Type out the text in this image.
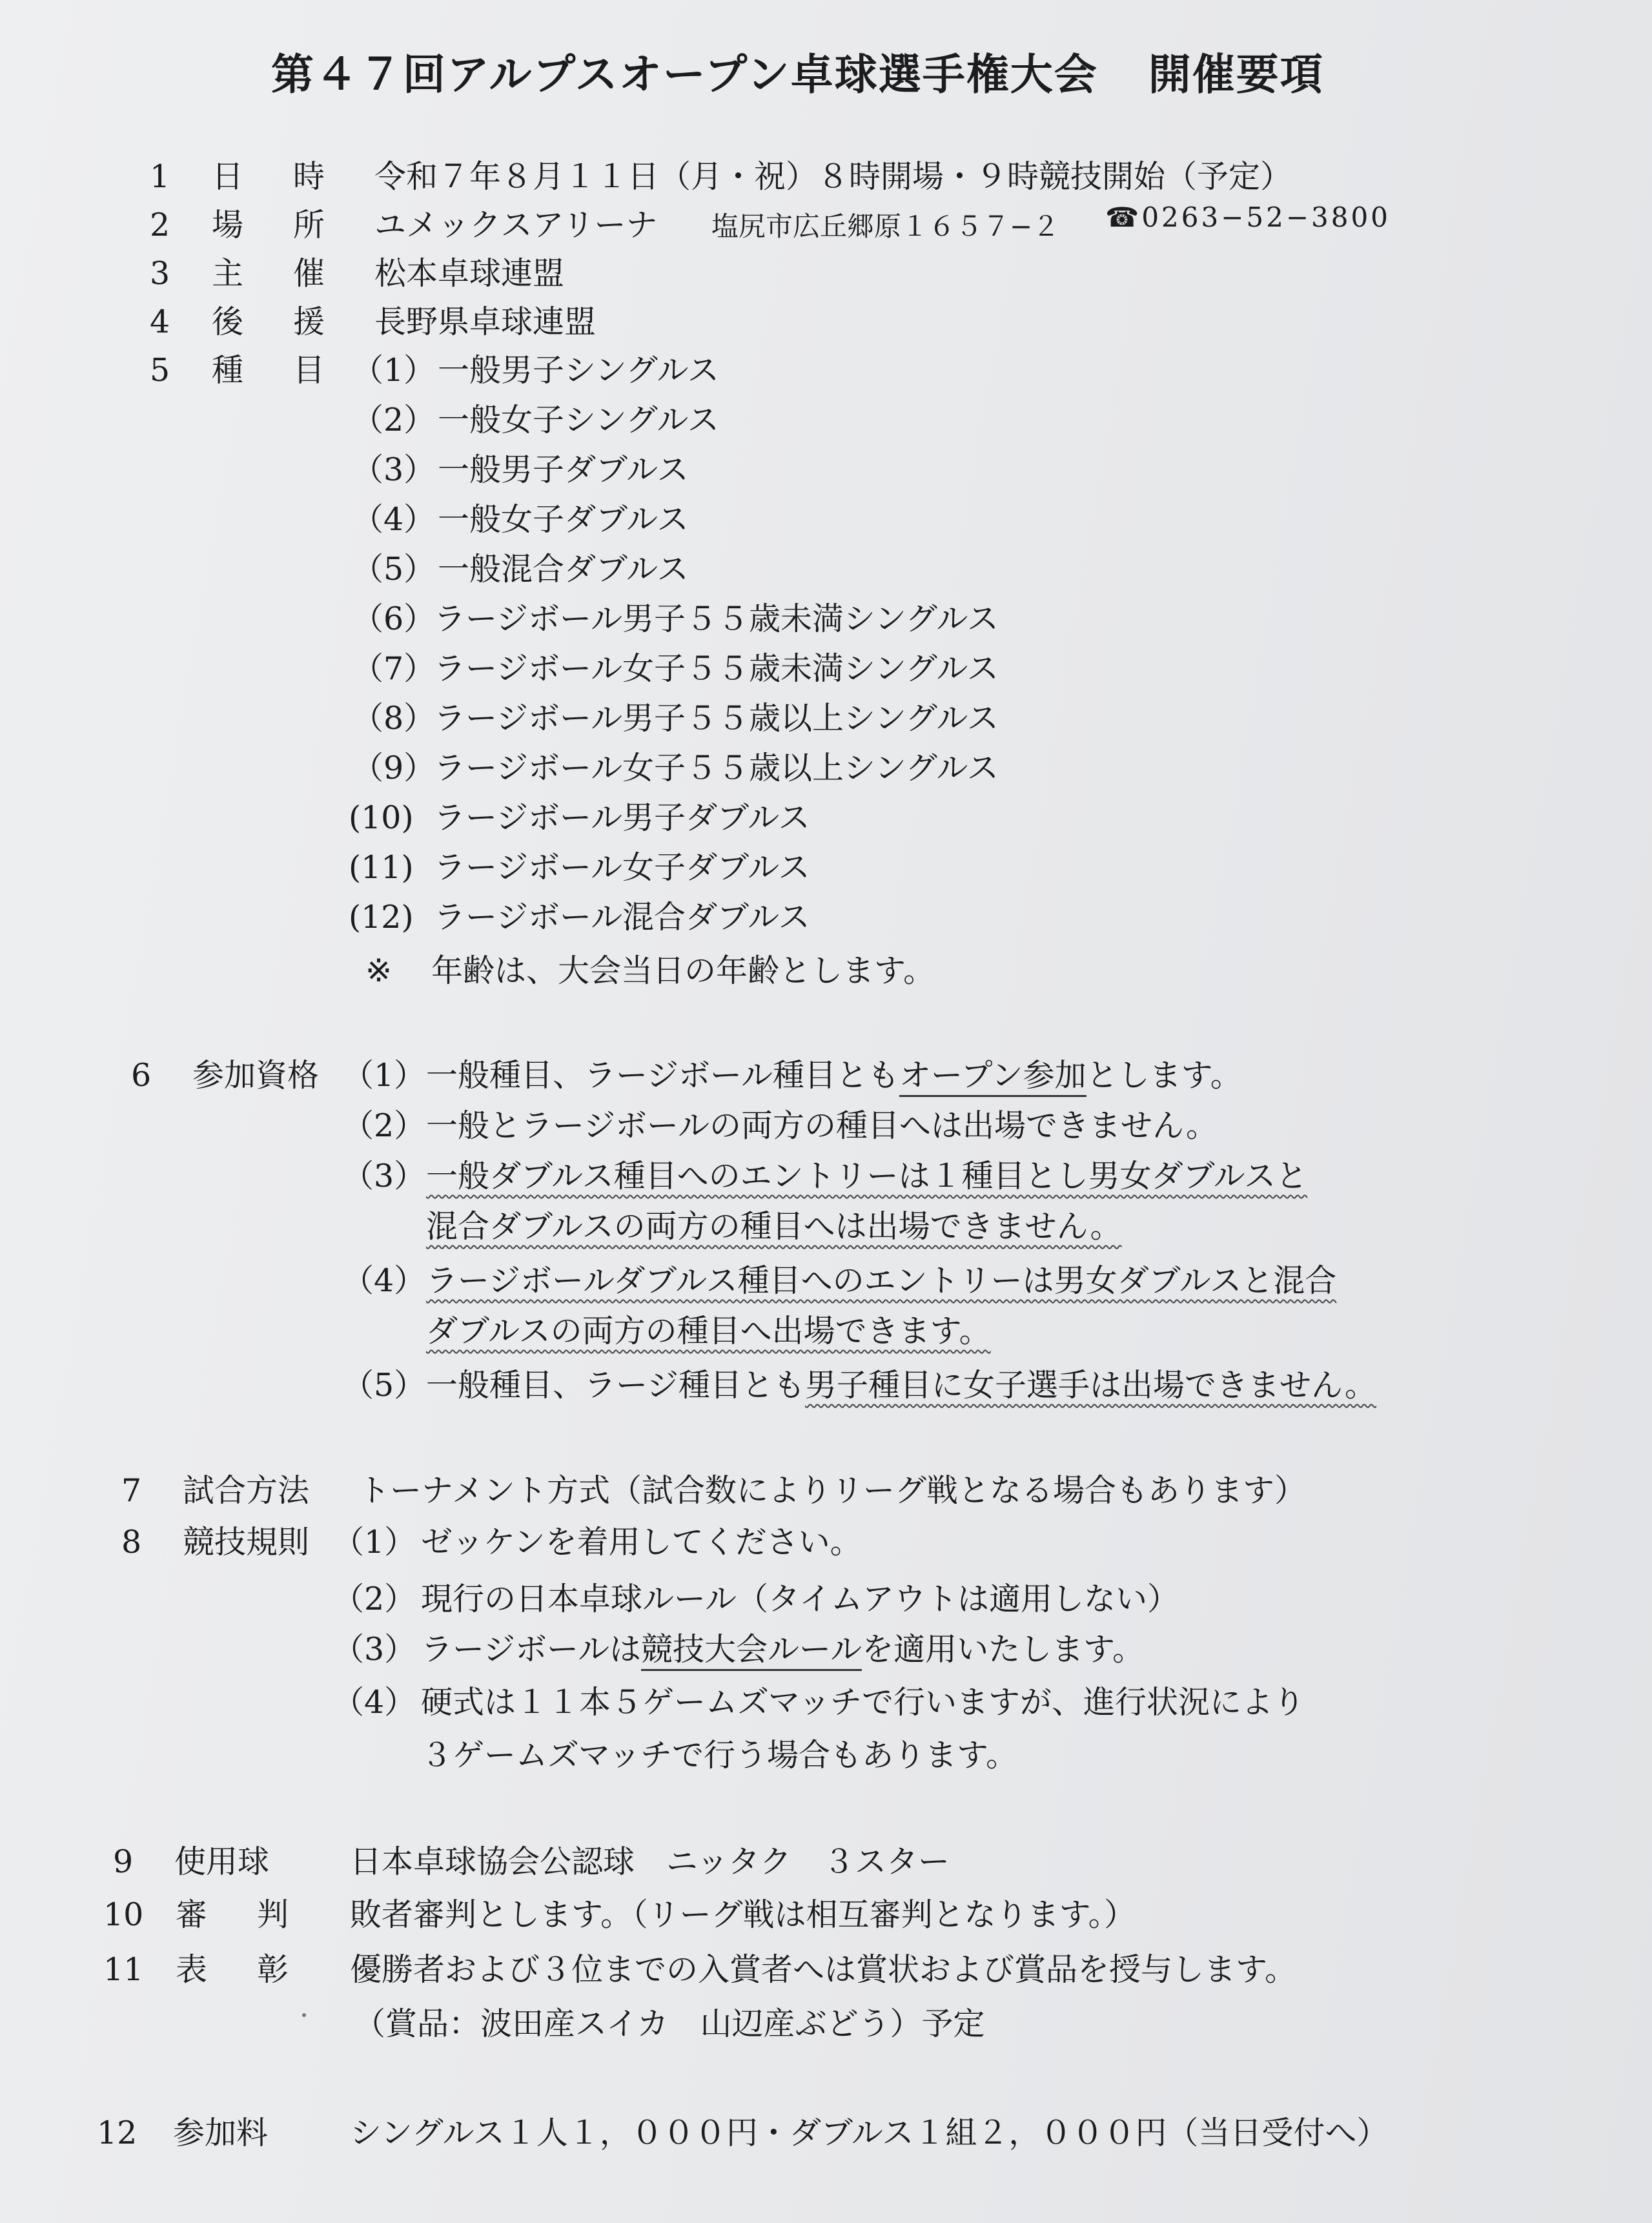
第４７回アルプスオープン卓球選手権大会 開催要項
1 日　時 令和７年８月１１日（月・祝）８時開場・９時競技開始（予定）
2 場　所 ユメックスアリーナ 塩尻市広丘郷原１６５７−２ ☎0263−52−3800
3 主　催 松本卓球連盟
4 後　援 長野県卓球連盟
5 種　目 （1） 一般男子シングルス
（2） 一般女子シングルス
（3） 一般男子ダブルス
（4） 一般女子ダブルス
（5） 一般混合ダブルス
（6）
ラージボール男子５５歳未満シングルス
（7）
ラージボール女子５５歳未満シングルス
（8）
ラージボール男子５５歳以上シングルス
（9）
ラージボール女子５５歳以上シングルス
(10) ラージボール男子ダブルス
(11) ラージボール女子ダブルス
(12) ラージボール混合ダブルス
※ 年齢は、大会当日の年齢とします。
6 参加資格 （1） 一般種目、ラージボール種目ともオープン参加とします。
（2） 一般とラージボールの両方の種目へは出場できません。
（3） 一般ダブルス種目へのエントリーは１種目とし男女ダブルスと
混合ダブルスの両方の種目へは出場できません。
（4） ラージボールダブルス種目へのエントリーは男女ダブルスと混合
ダブルスの両方の種目へ出場できます。
（5） 一般種目、ラージ種目とも男子種目に女子選手は出場できません。
7 試合方法 トーナメント方式（試合数によりリーグ戦となる場合もあります）
8 競技規則 （1） ゼッケンを着用してください。
（2） 現行の日本卓球ルール（タイムアウトは適用しない）
（3） ラージボールは競技大会ルールを適用いたします。
（4） 硬式は１１本５ゲームズマッチで行いますが、進行状況により
３ゲームズマッチで行う場合もあります。
9 使用球	日本卓球協会公認球　ニッタク　３スター
10 審　判 敗者審判とします。（リーグ戦は相互審判となります。）
11 表　彰 優勝者および３位までの入賞者へは賞状および賞品を授与します。
（賞品：波田産スイカ　山辺産ぶどう）予定
12 参加料	シングルス１人１，０００円・ダブルス１組２，０００円（当日受付へ）
